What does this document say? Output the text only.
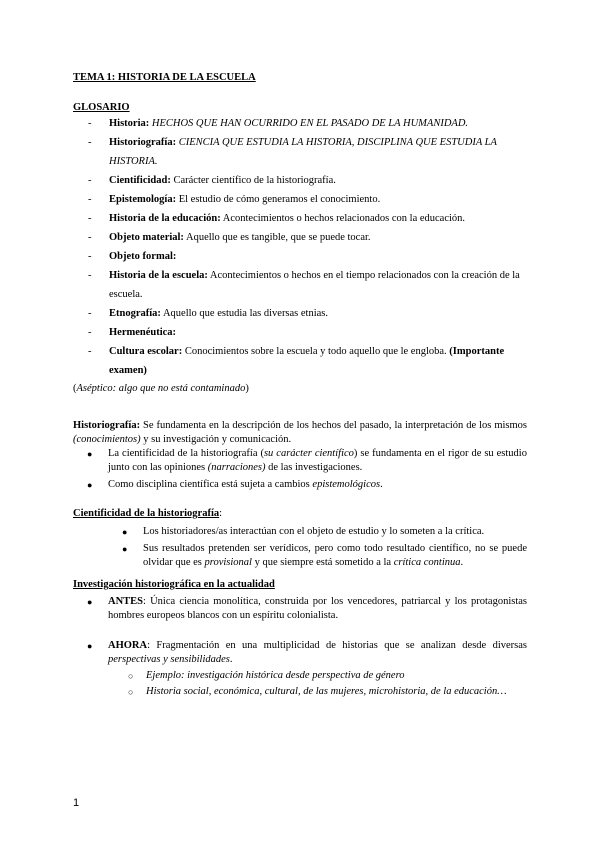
TEMA 1: HISTORIA DE LA ESCUELA
GLOSARIO
- Historia: HECHOS QUE HAN OCURRIDO EN EL PASADO DE LA HUMANIDAD.
- Historiografía: CIENCIA QUE ESTUDIA LA HISTORIA, DISCIPLINA QUE ESTUDIA LA HISTORIA.
- Cientificidad: Carácter científico de la historiografía.
- Epistemología: El estudio de cómo generamos el conocimiento.
- Historia de la educación: Acontecimientos o hechos relacionados con la educación.
- Objeto material: Aquello que es tangible, que se puede tocar.
- Objeto formal:
- Historia de la escuela: Acontecimientos o hechos en el tiempo relacionados con la creación de la escuela.
- Etnografía: Aquello que estudia las diversas etnias.
- Hermenéutica:
- Cultura escolar: Conocimientos sobre la escuela y todo aquello que le engloba. (Importante examen)
(Aséptico: algo que no está contaminado)
Historiografía: Se fundamenta en la descripción de los hechos del pasado, la interpretación de los mismos (conocimientos) y su investigación y comunicación.
● La cientificidad de la historiografía (su carácter científico) se fundamenta en el rigor de su estudio junto con las opiniones (narraciones) de las investigaciones.
● Como disciplina científica está sujeta a cambios epistemológicos.
Cientificidad de la historiografía:
● Los historiadores/as interactúan con el objeto de estudio y lo someten a la crítica.
● Sus resultados pretenden ser verídicos, pero como todo resultado científico, no se puede olvidar que es provisional y que siempre está sometido a la crítica continua.
Investigación historiográfica en la actualidad
● ANTES: Única ciencia monolítica, construida por los vencedores, patriarcal y los protagonistas hombres europeos blancos con un espíritu colonialista.
● AHORA: Fragmentación en una multiplicidad de historias que se analizan desde diversas perspectivas y sensibilidades.
○ Ejemplo: investigación histórica desde perspectiva de género
○ Historia social, económica, cultural, de las mujeres, microhistoria, de la educación…
1
